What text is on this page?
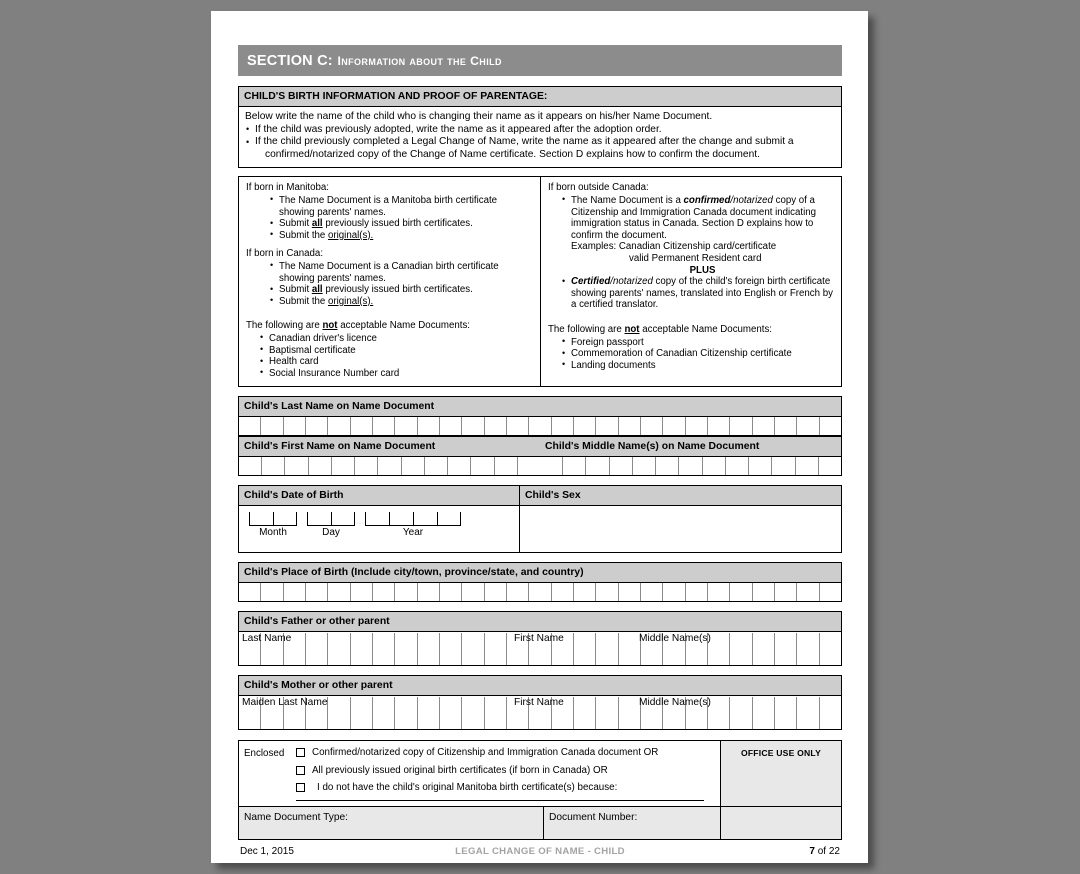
SECTION C: Information about the Child
CHILD'S BIRTH INFORMATION AND PROOF OF PARENTAGE:

Below write the name of the child who is changing their name as it appears on his/her Name Document.

• If the child was previously adopted, write the name as it appeared after the adoption order.
• If the child previously completed a Legal Change of Name, write the name as it appeared after the change and submit a
confirmed/notarized copy of the Change of Name certificate. Section D explains how to confirm the document.

If born in Manitoba:

• The Name Document is a Manitoba birth certificate showing parents' names.
• Submit all previously issued birth certificates.
• Submit the original(s).

If born in Canada:

• The Name Document is a Canadian birth certificate showing parents' names.
• Submit all previously issued birth certificates.
• Submit the original(s).

The following are not acceptable Name Documents:

• Canadian driver's licence
• Baptismal certificate
• Health card
• Social Insurance Number card

If born outside Canada:

• The Name Document is a confirmed/notarized copy of a Citizenship and Immigration Canada document indicating immigration status in Canada. Section D explains how to confirm the document.
Examples: Canadian Citizenship card/certificate
valid Permanent Resident card
PLUS
• Certified/notarized copy of the child's foreign birth certificate showing parents' names, translated into English or French by a certified translator.

The following are not acceptable Name Documents:

• Foreign passport
• Commemoration of Canadian Citizenship certificate
• Landing documents
Child's Last Name on Name Document
Child's First Name on Name Document	Child's Middle Name(s) on Name Document
Child's Date of Birth
Month	Day	Year
Child's Sex
Child's Place of Birth (Include city/town, province/state, and country)
Child's Father or other parent
Last Name	First Name	Middle Name(s)
Child's Mother or other parent
Maiden Last Name	First Name	Middle Name(s)
Enclosed	Confirmed/notarized copy of Citizenship and Immigration Canada document OR
All previously issued original birth certificates (if born in Canada) OR
I do not have the child's original Manitoba birth certificate(s) because:
OFFICE USE ONLY
Name Document Type:	Document Number:
Dec 1, 2015	LEGAL CHANGE OF NAME - CHILD	7 of 22
